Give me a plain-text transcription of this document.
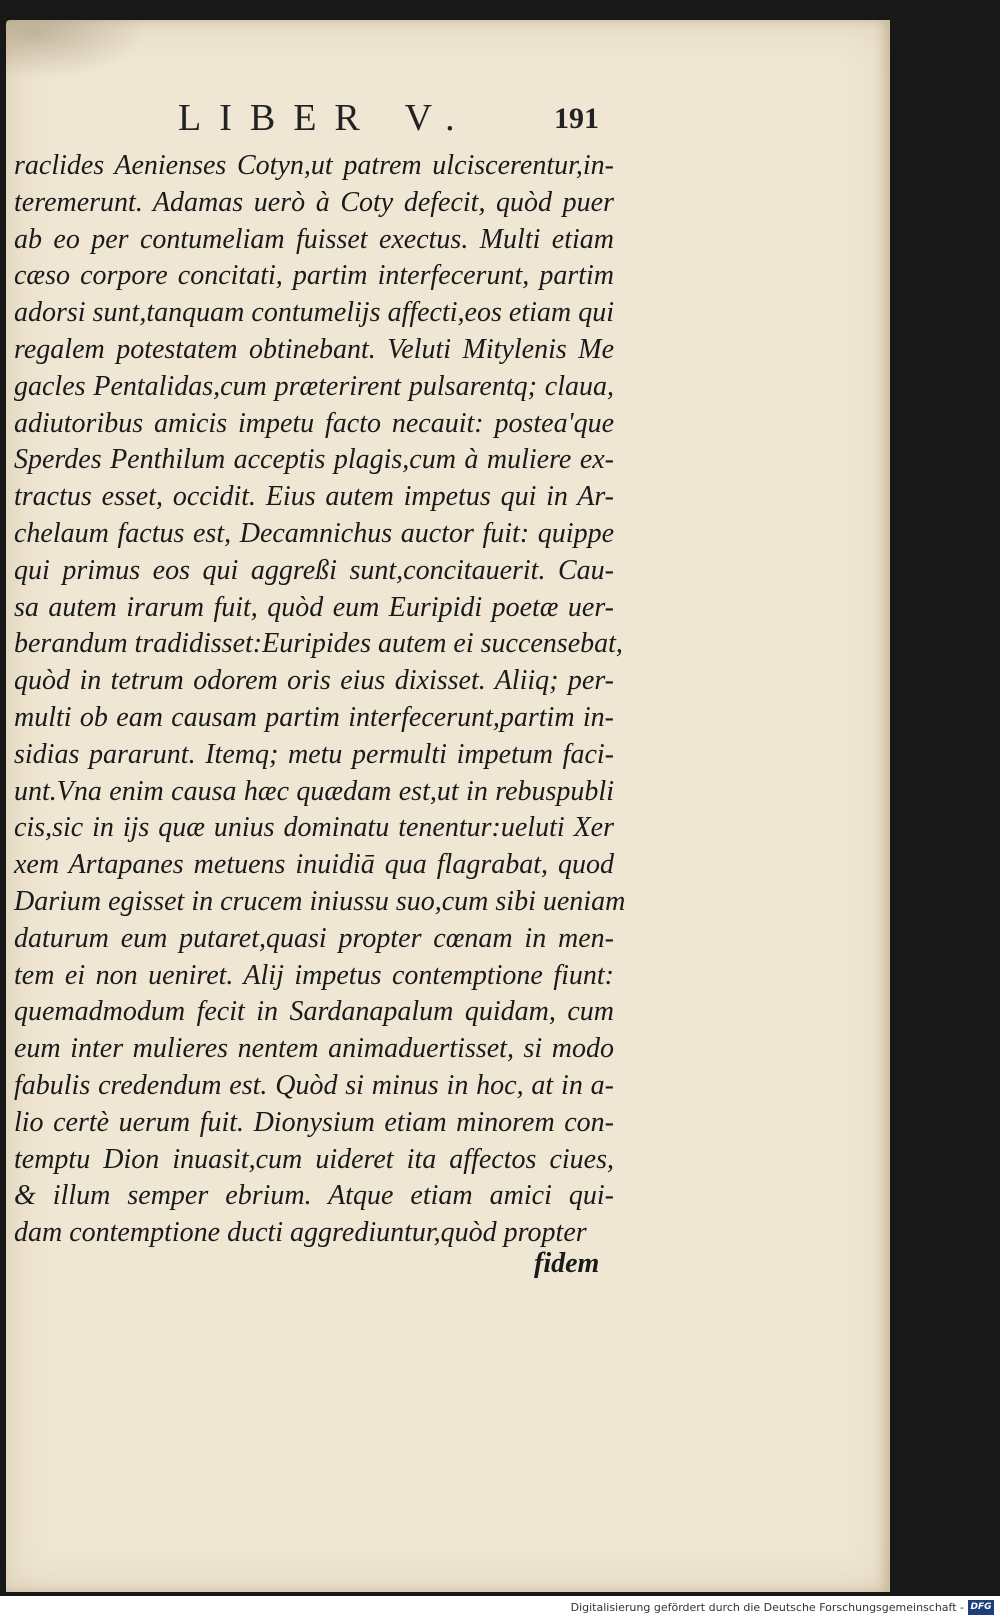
LIBER V.	191
raclides Aenienses Cotyn,ut patrem ulciscerentur,in-
teremerunt. Adamas uerò à Coty defecit, quòd puer
ab eo per contumeliam fuisset exectus. Multi etiam
cæso corpore concitati, partim interfecerunt, partim
adorsi sunt,tanquam contumelijs affecti,eos etiam qui
regalem potestatem obtinebant. Veluti Mitylenis Me
gacles Pentalidas,cum præterirent pulsarentq; claua,
adiutoribus amicis impetu facto necauit: postea'que
Sperdes Penthilum acceptis plagis,cum à muliere ex-
tractus esset, occidit. Eius autem impetus qui in Ar-
chelaum factus est, Decamnichus auctor fuit: quippe
qui primus eos qui aggreßi sunt,concitauerit. Cau-
sa autem irarum fuit, quòd eum Euripidi poetæ uer-
berandum tradidisset:Euripides autem ei succensebat,
quòd in tetrum odorem oris eius dixisset. Aliiq; per-
multi ob eam causam partim interfecerunt,partim in-
sidias pararunt. Itemq; metu permulti impetum faci-
unt.Vna enim causa hæc quædam est,ut in rebuspubli
cis,sic in ijs quæ unius dominatu tenentur:ueluti Xer
xem Artapanes metuens inuidiā qua flagrabat, quod
Darium egisset in crucem iniussu suo,cum sibi ueniam
daturum eum putaret,quasi propter cœnam in men-
tem ei non ueniret. Alij impetus contemptione fiunt:
quemadmodum fecit in Sardanapalum quidam, cum
eum inter mulieres nentem animaduertisset, si modo
fabulis credendum est. Quòd si minus in hoc, at in a-
lio certè uerum fuit. Dionysium etiam minorem con-
temptu Dion inuasit,cum uideret ita affectos ciues,
& illum semper ebrium. Atque etiam amici qui-
dam contemptione ducti aggrediuntur,quòd propter
fidem
Digitalisierung gefördert durch die Deutsche Forschungsgemeinschaft - DFG
